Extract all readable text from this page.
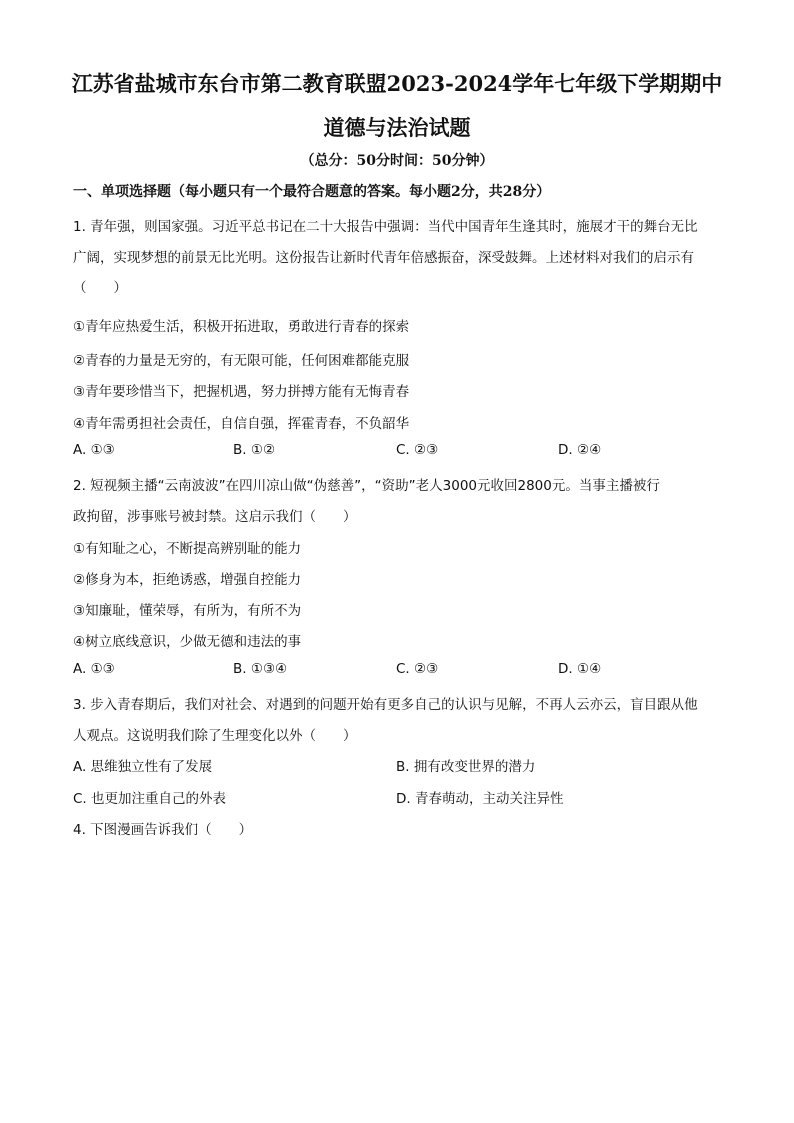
江苏省盐城市东台市第二教育联盟2023-2024学年七年级下学期期中
道德与法治试题
（总分：50分时间：50分钟）
一、单项选择题（每小题只有一个最符合题意的答案。每小题2分，共28分）
1. 青年强，则国家强。习近平总书记在二十大报告中强调：当代中国青年生逢其时，施展才干的舞台无比
广阔，实现梦想的前景无比光明。这份报告让新时代青年倍感振奋，深受鼓舞。上述材料对我们的启示有
（　　）
①青年应热爱生活，积极开拓进取，勇敢进行青春的探索
②青春的力量是无穷的，有无限可能，任何困难都能克服
③青年要珍惜当下，把握机遇，努力拼搏方能有无悔青春
④青年需勇担社会责任，自信自强，挥霍青春，不负韶华
A. ①③	B. ①②	C. ②③	D. ②④
2. 短视频主播“云南波波”在四川凉山做“伪慈善”，“资助”老人3000元收回2800元。当事主播被行
政拘留，涉事账号被封禁。这启示我们（　　）
①有知耻之心，不断提高辨别耻的能力
②修身为本，拒绝诱惑，增强自控能力
③知廉耻，懂荣辱，有所为，有所不为
④树立底线意识，少做无德和违法的事
A. ①③	B. ①③④	C. ②③	D. ①④
3. 步入青春期后，我们对社会、对遇到的问题开始有更多自己的认识与见解，不再人云亦云，盲目跟从他
人观点。这说明我们除了生理变化以外（　　）
A. 思维独立性有了发展	B. 拥有改变世界的潜力
C. 也更加注重自己的外表	D. 青春萌动，主动关注异性
4. 下图漫画告诉我们（　　）
